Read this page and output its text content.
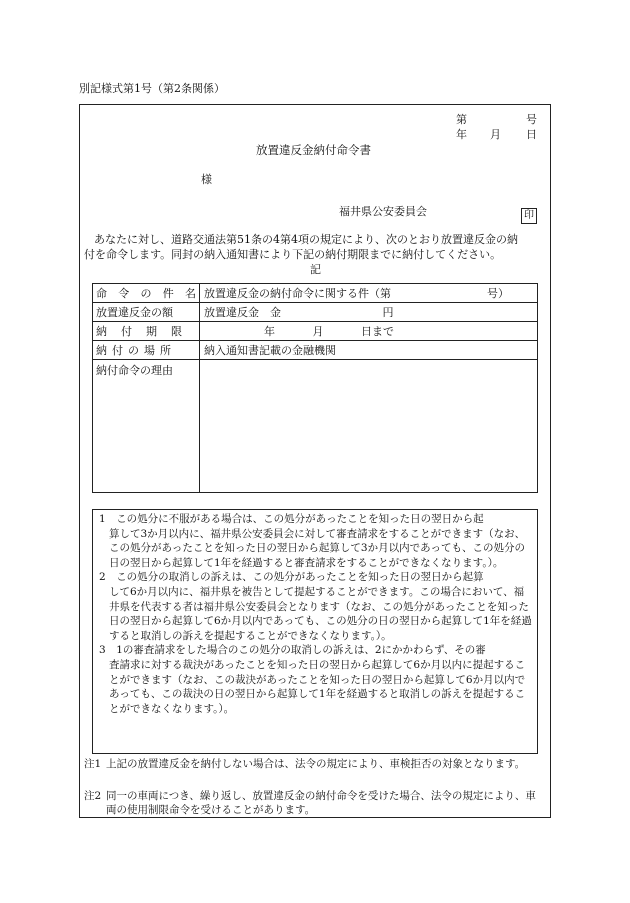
別記様式第1号（第2条関係）
第	号
年 月 日
放置違反金納付命令書
様
福井県公安委員会	印
あなたに対し、道路交通法第51条の4第4項の規定により、次のとおり放置違反金の納
付を命令します。同封の納入通知書により下記の納付期限までに納付してください。
記
命 令 の 件 名	放置違反金の納付命令に関する件（第 号）

放置違反金の額	放置違反金　金 円

納 付 期 限	年 月 日まで

納付の場所	納入通知書記載の金融機関
納付命令の理由	

1　 この処分に不服がある場合は、この処分があったことを知った日の翌日から起
算して3か月以内に、福井県公安委員会に対して審査請求をすることができます（なお、この処分があったことを知った日の翌日から起算して3か月以内であっても、この処分の日の翌日から起算して1年を経過すると審査請求をすることができなくなります。）。

2　 この処分の取消しの訴えは、この処分があったことを知った日の翌日から起算
して6か月以内に、福井県を被告として提起することができます。この場合において、福井県を代表する者は福井県公安委員会となります（なお、この処分があったことを知った日の翌日から起算して6か月以内であっても、この処分の日の翌日から起算して1年を経過すると取消しの訴えを提起することができなくなります。）。

3　 1の審査請求をした場合のこの処分の取消しの訴えは、2にかかわらず、その審
査請求に対する裁決があったことを知った日の翌日から起算して6か月以内に提起することができます（なお、この裁決があったことを知った日の翌日から起算して6か月以内であっても、この裁決の日の翌日から起算して1年を経過すると取消しの訴えを提起することができなくなります。）。

注1 上記の放置違反金を納付しない場合は、法令の規定により、車検拒否の対象となります。
注2 同一の車両につき、繰り返し、放置違反金の納付命令を受けた場合、法令の規定により、車両の使用制限命令を受けることがあります。
